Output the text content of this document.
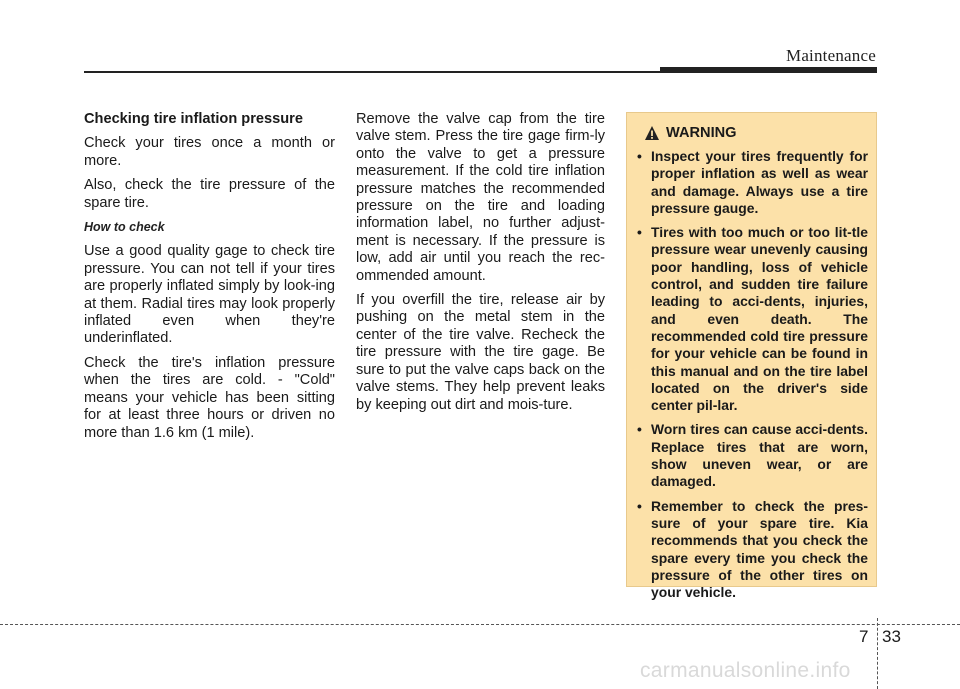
Maintenance

Checking tire inflation pressure

Check your tires once a month or more.

Also, check the tire pressure of the spare tire.

How to check

Use a good quality gage to check tire pressure. You can not tell if your tires are properly inflated simply by look-ing at them. Radial tires may look properly inflated even when they're underinflated.

Check the tire's inflation pressure when the tires are cold. - "Cold" means your vehicle has been sitting for at least three hours or driven no more than 1.6 km (1 mile).

Remove the valve cap from the tire valve stem. Press the tire gage firm-ly onto the valve to get a pressure measurement. If the cold tire inflation pressure matches the recommended pressure on the tire and loading information label, no further adjust-ment is necessary. If the pressure is low, add air until you reach the rec-ommended amount.

If you overfill the tire, release air by pushing on the metal stem in the center of the tire valve. Recheck the tire pressure with the tire gage. Be sure to put the valve caps back on the valve stems. They help prevent leaks by keeping out dirt and mois-ture.

WARNING
• Inspect your tires frequently for proper inflation as well as wear and damage. Always use a tire pressure gauge.
• Tires with too much or too lit-tle pressure wear unevenly causing poor handling, loss of vehicle control, and sudden tire failure leading to acci-dents, injuries, and even death. The recommended cold tire pressure for your vehicle can be found in this manual and on the tire label located on the driver's side center pil-lar.
• Worn tires can cause acci-dents. Replace tires that are worn, show uneven wear, or are damaged.
• Remember to check the pres-sure of your spare tire. Kia recommends that you check the spare every time you check the pressure of the other tires on your vehicle.
7 33
carmanualsonline.info
